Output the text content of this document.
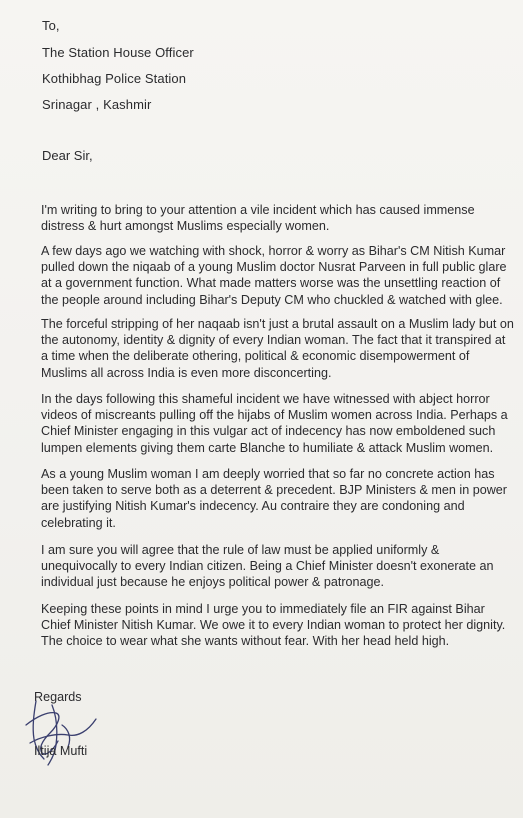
To,
The Station House Officer
Kothibhag Police Station
Srinagar , Kashmir
Dear Sir,
I'm writing to bring to your attention a vile incident which has caused immense
distress & hurt amongst Muslims especially women.
A few days ago we watching with shock, horror & worry as Bihar's CM Nitish Kumar
pulled down the niqaab of a young Muslim doctor Nusrat Parveen in full public glare
at a government function. What made matters worse was the unsettling reaction of
the people around including Bihar's Deputy CM who chuckled & watched with glee.
The forceful stripping of her naqaab isn't just a brutal assault on a Muslim lady but on
the autonomy, identity & dignity of every Indian woman. The fact that it transpired at
a time when the deliberate othering, political & economic disempowerment of
Muslims all across India is even more disconcerting.
In the days following this shameful incident we have witnessed with abject horror
videos of miscreants pulling off the hijabs of Muslim women across India. Perhaps a
Chief Minister engaging in this vulgar act of indecency has now emboldened such
lumpen elements giving them carte Blanche to humiliate & attack Muslim women.
As a young Muslim woman I am deeply worried that so far no concrete action has
been taken to serve both as a deterrent & precedent. BJP Ministers & men in power
are justifying Nitish Kumar's indecency. Au contraire they are condoning and
celebrating it.
I am sure you will agree that the rule of law must be applied uniformly &
unequivocally to every Indian citizen. Being a Chief Minister doesn't exonerate an
individual just because he enjoys political power & patronage.
Keeping these points in mind I urge you to immediately file an FIR against Bihar
Chief Minister Nitish Kumar. We owe it to every Indian woman to protect her dignity.
The choice to wear what she wants without fear. With her head held high.
Regards
Iltija Mufti
